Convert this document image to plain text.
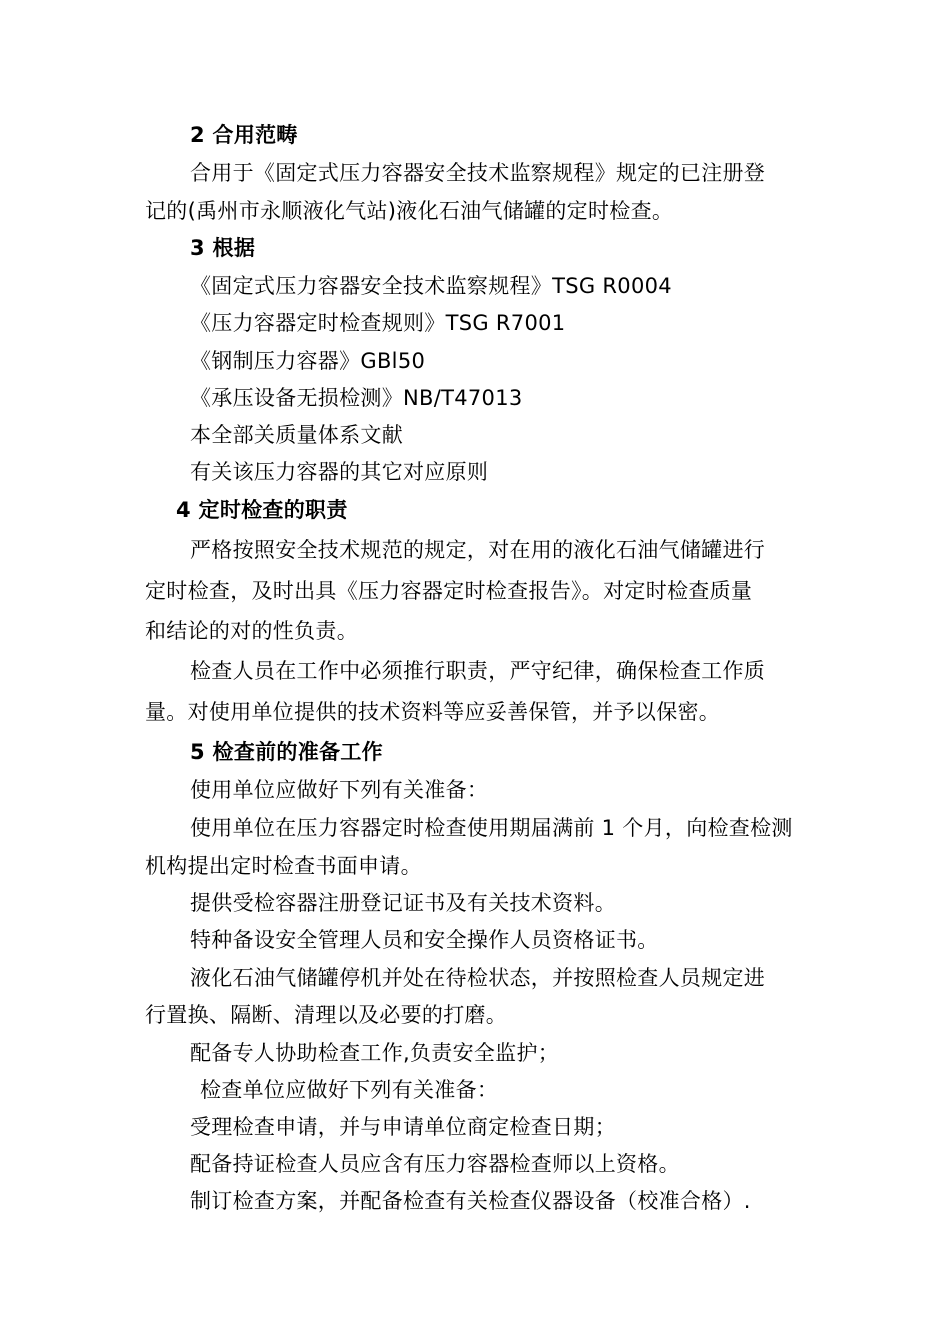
2 合用范畴

合用于《固定式压力容器安全技术监察规程》规定的已注册登

记的(禹州市永顺液化气站)液化石油气储罐的定时检查。

3 根据

《固定式压力容器安全技术监察规程》TSG R0004

《压力容器定时检查规则》TSG R7001

《钢制压力容器》GBl50

《承压设备无损检测》NB/T47013

本全部关质量体系文献

有关该压力容器的其它对应原则

4 定时检查的职责

严格按照安全技术规范的规定，对在用的液化石油气储罐进行

定时检查，及时出具《压力容器定时检查报告》。对定时检查质量

和结论的对的性负责。

检查人员在工作中必须推行职责，严守纪律，确保检查工作质

量。对使用单位提供的技术资料等应妥善保管，并予以保密。

5 检查前的准备工作

使用单位应做好下列有关准备：

使用单位在压力容器定时检查使用期届满前 1 个月，向检查检测

机构提出定时检查书面申请。

提供受检容器注册登记证书及有关技术资料。

特种备设安全管理人员和安全操作人员资格证书。

液化石油气储罐停机并处在待检状态，并按照检查人员规定进

行置换、隔断、清理以及必要的打磨。

配备专人协助检查工作,负责安全监护；

检查单位应做好下列有关准备：

受理检查申请，并与申请单位商定检查日期；

配备持证检查人员应含有压力容器检查师以上资格。

制订检查方案，并配备检查有关检查仪器设备（校准合格）.
